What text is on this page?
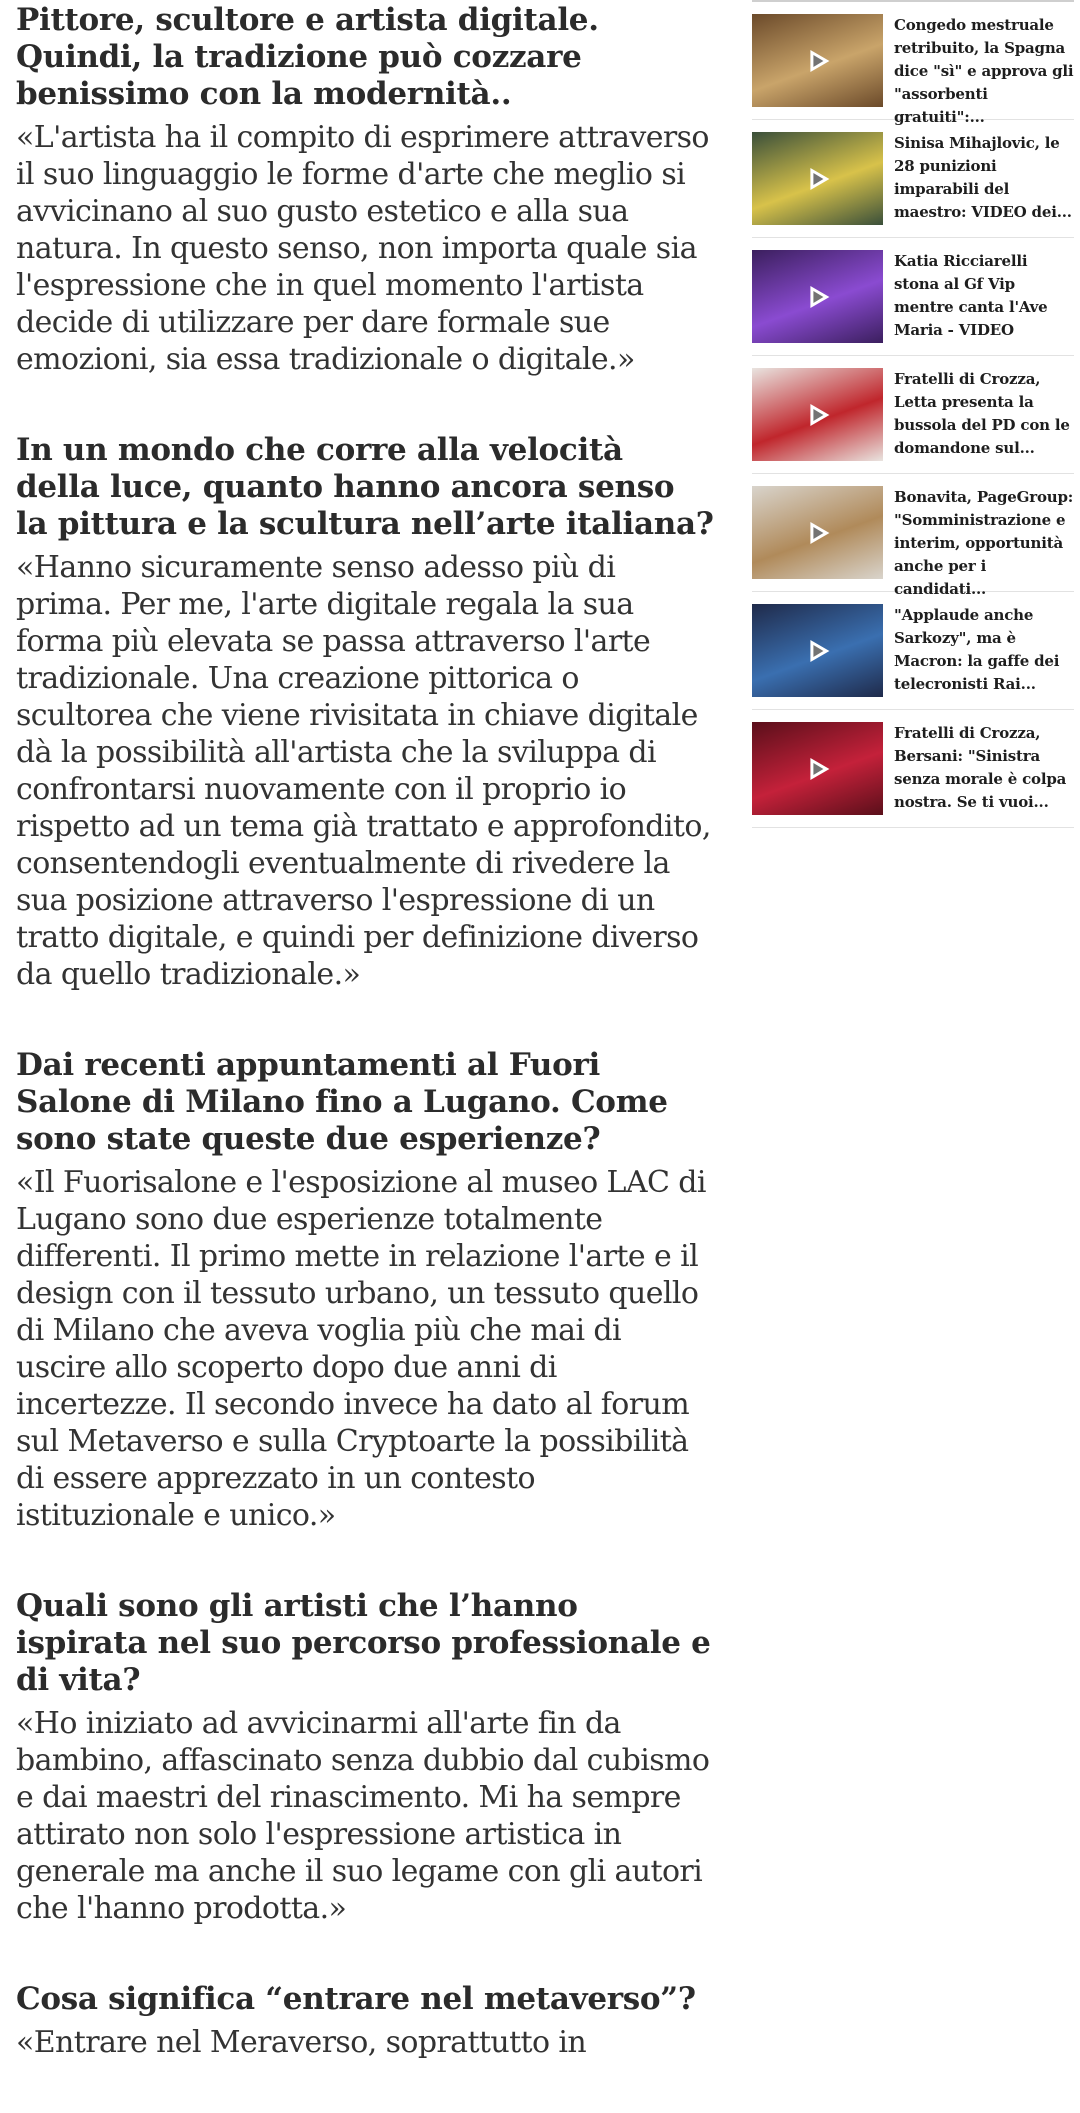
Pittore, scultore e artista digitale. Quindi, la tradizione può cozzare benissimo con la modernità..

«L'artista ha il compito di esprimere attraverso il suo linguaggio le forme d'arte che meglio si avvicinano al suo gusto estetico e alla sua natura. In questo senso, non importa quale sia l'espressione che in quel momento l'artista decide di utilizzare per dare formale sue emozioni, sia essa tradizionale o digitale.»

In un mondo che corre alla velocità della luce, quanto hanno ancora senso la pittura e la scultura nell’arte italiana?

«Hanno sicuramente senso adesso più di prima. Per me, l'arte digitale regala la sua forma più elevata se passa attraverso l'arte tradizionale. Una creazione pittorica o scultorea che viene rivisitata in chiave digitale dà la possibilità all'artista che la sviluppa di confrontarsi nuovamente con il proprio io rispetto ad un tema già trattato e approfondito, consentendogli eventualmente di rivedere la sua posizione attraverso l'espressione di un tratto digitale, e quindi per definizione diverso da quello tradizionale.»

Dai recenti appuntamenti al Fuori Salone di Milano fino a Lugano. Come sono state queste due esperienze?

«Il Fuorisalone e l'esposizione al museo LAC di Lugano sono due esperienze totalmente differenti. Il primo mette in relazione l'arte e il design con il tessuto urbano, un tessuto quello di Milano che aveva voglia più che mai di uscire allo scoperto dopo due anni di incertezze. Il secondo invece ha dato al forum sul Metaverso e sulla Cryptoarte la possibilità di essere apprezzato in un contesto istituzionale e unico.»

Quali sono gli artisti che l’hanno ispirata nel suo percorso professionale e di vita?

«Ho iniziato ad avvicinarmi all'arte fin da bambino, affascinato senza dubbio dal cubismo e dai maestri del rinascimento. Mi ha sempre attirato non solo l'espressione artistica in generale ma anche il suo legame con gli autori che l'hanno prodotta.»

Cosa significa “entrare nel metaverso”?

«Entrare nel Meraverso, soprattutto in

Congedo mestruale retribuito, la Spagna dice "sì" e approva gli "assorbenti gratuiti":...
Sinisa Mihajlovic, le 28 punizioni imparabili del maestro: VIDEO dei...
Katia Ricciarelli stona al Gf Vip mentre canta l'Ave Maria - VIDEO
Fratelli di Crozza, Letta presenta la bussola del PD con le domandone sul...
Bonavita, PageGroup: "Somministrazione e interim, opportunità anche per i candidati...
"Applaude anche Sarkozy", ma è Macron: la gaffe dei telecronisti Rai...
Fratelli di Crozza, Bersani: "Sinistra senza morale è colpa nostra. Se ti vuoi...
